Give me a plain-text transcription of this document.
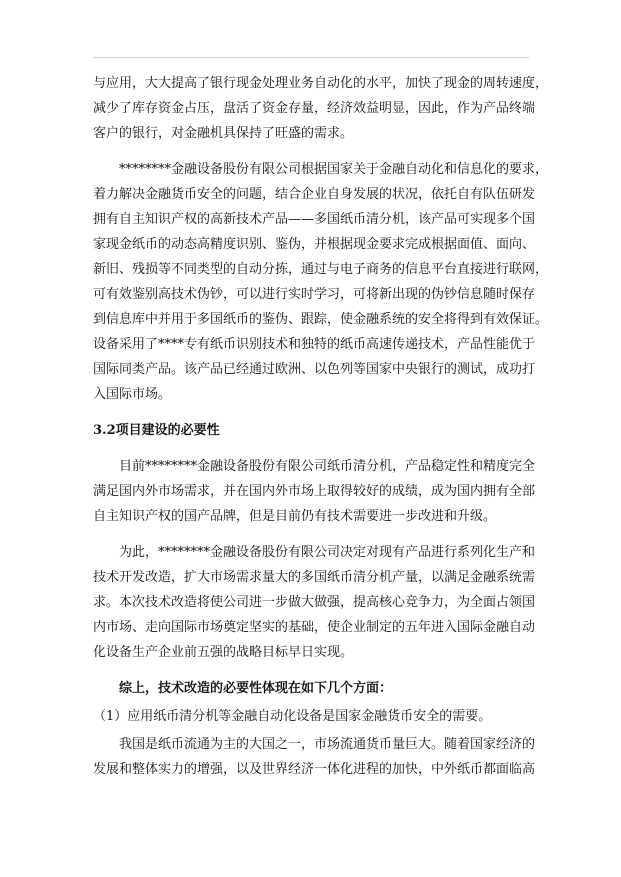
与应用，大大提高了银行现金处理业务自动化的水平，加快了现金的周转速度，
减少了库存资金占压，盘活了资金存量，经济效益明显，因此，作为产品终端
客户的银行，对金融机具保持了旺盛的需求。

********金融设备股份有限公司根据国家关于金融自动化和信息化的要求，
着力解决金融货币安全的问题，结合企业自身发展的状况，依托自有队伍研发
拥有自主知识产权的高新技术产品——多国纸币清分机，该产品可实现多个国
家现金纸币的动态高精度识别、鉴伪，并根据现金要求完成根据面值、面向、
新旧、残损等不同类型的自动分拣，通过与电子商务的信息平台直接进行联网，
可有效鉴别高技术伪钞，可以进行实时学习，可将新出现的伪钞信息随时保存
到信息库中并用于多国纸币的鉴伪、跟踪，使金融系统的安全将得到有效保证。
设备采用了****专有纸币识别技术和独特的纸币高速传递技术，产品性能优于
国际同类产品。该产品已经通过欧洲、以色列等国家中央银行的测试，成功打
入国际市场。

3.2项目建设的必要性

目前********金融设备股份有限公司纸币清分机，产品稳定性和精度完全
满足国内外市场需求，并在国内外市场上取得较好的成绩，成为国内拥有全部
自主知识产权的国产品牌，但是目前仍有技术需要进一步改进和升级。

为此，********金融设备股份有限公司决定对现有产品进行系列化生产和
技术开发改造，扩大市场需求量大的多国纸币清分机产量，以满足金融系统需
求。本次技术改造将使公司进一步做大做强，提高核心竞争力，为全面占领国
内市场、走向国际市场奠定坚实的基础，使企业制定的五年进入国际金融自动
化设备生产企业前五强的战略目标早日实现。

综上，技术改造的必要性体现在如下几个方面：

（1）应用纸币清分机等金融自动化设备是国家金融货币安全的需要。

我国是纸币流通为主的大国之一，市场流通货币量巨大。随着国家经济的
发展和整体实力的增强，以及世界经济一体化进程的加快，中外纸币都面临高
